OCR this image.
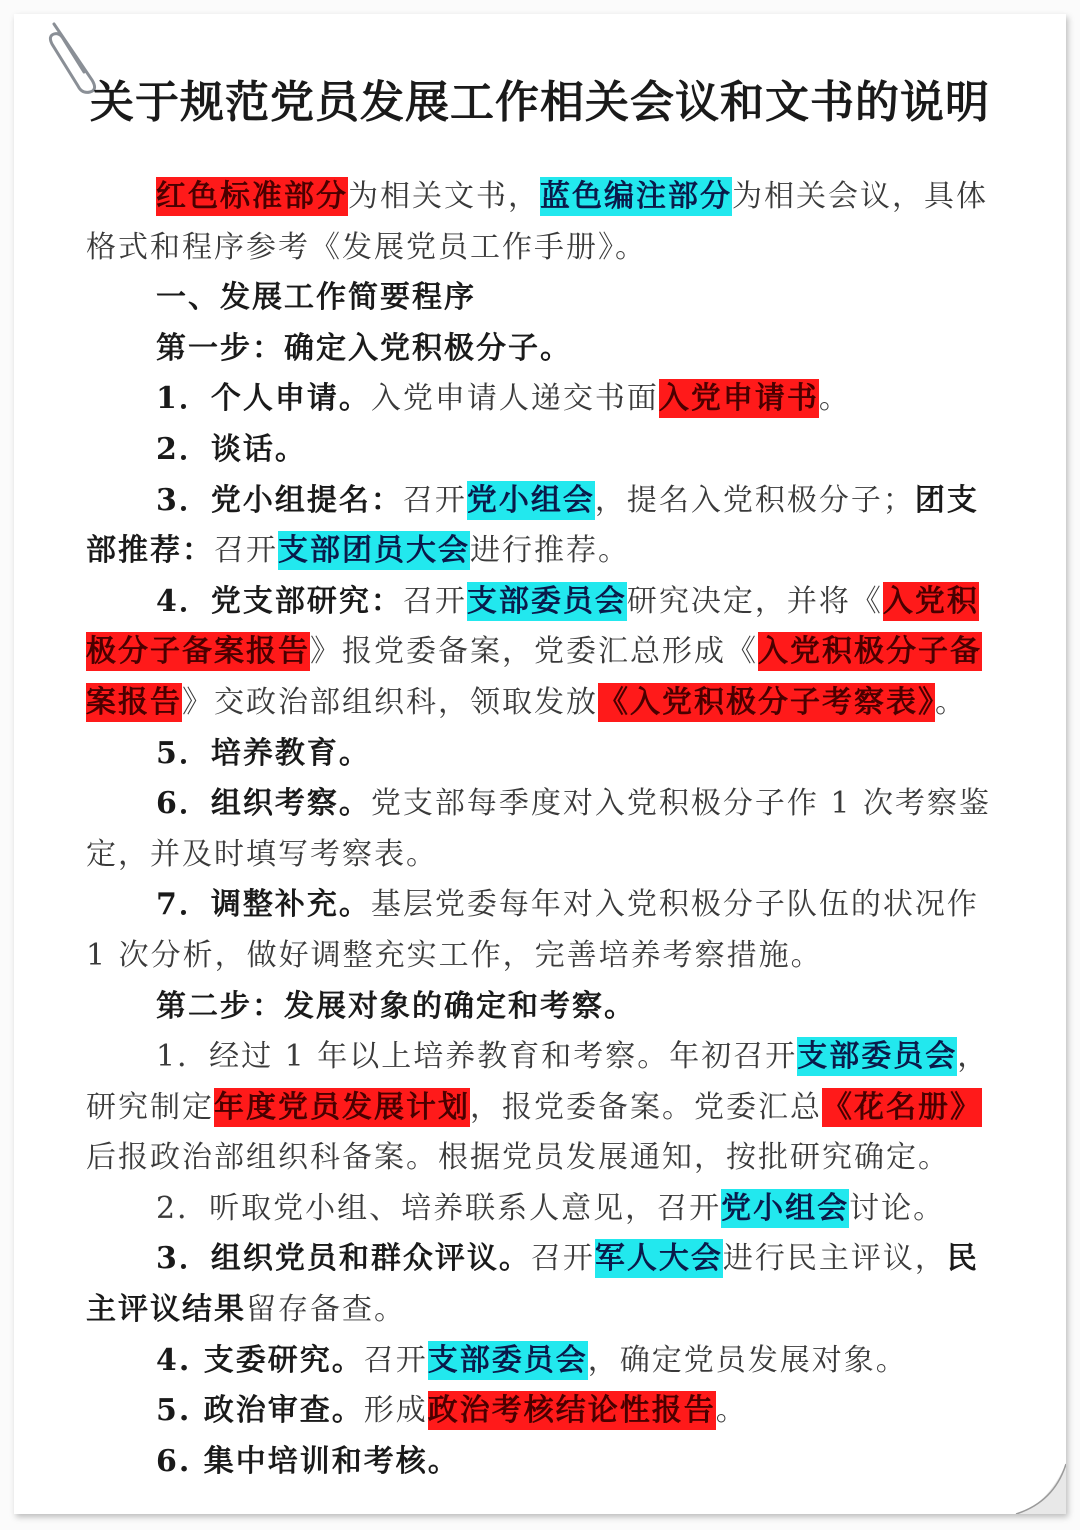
关于规范党员发展工作相关会议和文书的说明
红色标准部分为相关文书，蓝色编注部分为相关会议，具体
格式和程序参考《发展党员工作手册》。
一、发展工作简要程序
第一步：确定入党积极分子。
1．个人申请。入党申请人递交书面入党申请书。
2．谈话。
3．党小组提名：召开党小组会，提名入党积极分子；团支
部推荐：召开支部团员大会进行推荐。
4．党支部研究：召开支部委员会研究决定，并将《入党积
极分子备案报告》报党委备案，党委汇总形成《入党积极分子备
案报告》交政治部组织科，领取发放《入党积极分子考察表》。
5．培养教育。
6．组织考察。党支部每季度对入党积极分子作 1 次考察鉴
定，并及时填写考察表。
7．调整补充。基层党委每年对入党积极分子队伍的状况作
1 次分析，做好调整充实工作，完善培养考察措施。
第二步：发展对象的确定和考察。
1．经过 1 年以上培养教育和考察。年初召开支部委员会，
研究制定年度党员发展计划，报党委备案。党委汇总《花名册》
后报政治部组织科备案。根据党员发展通知，按批研究确定。
2．听取党小组、培养联系人意见，召开党小组会讨论。
3．组织党员和群众评议。召开军人大会进行民主评议，民
主评议结果留存备查。
4. 支委研究。召开支部委员会，确定党员发展对象。
5. 政治审查。形成政治考核结论性报告。
6. 集中培训和考核。
